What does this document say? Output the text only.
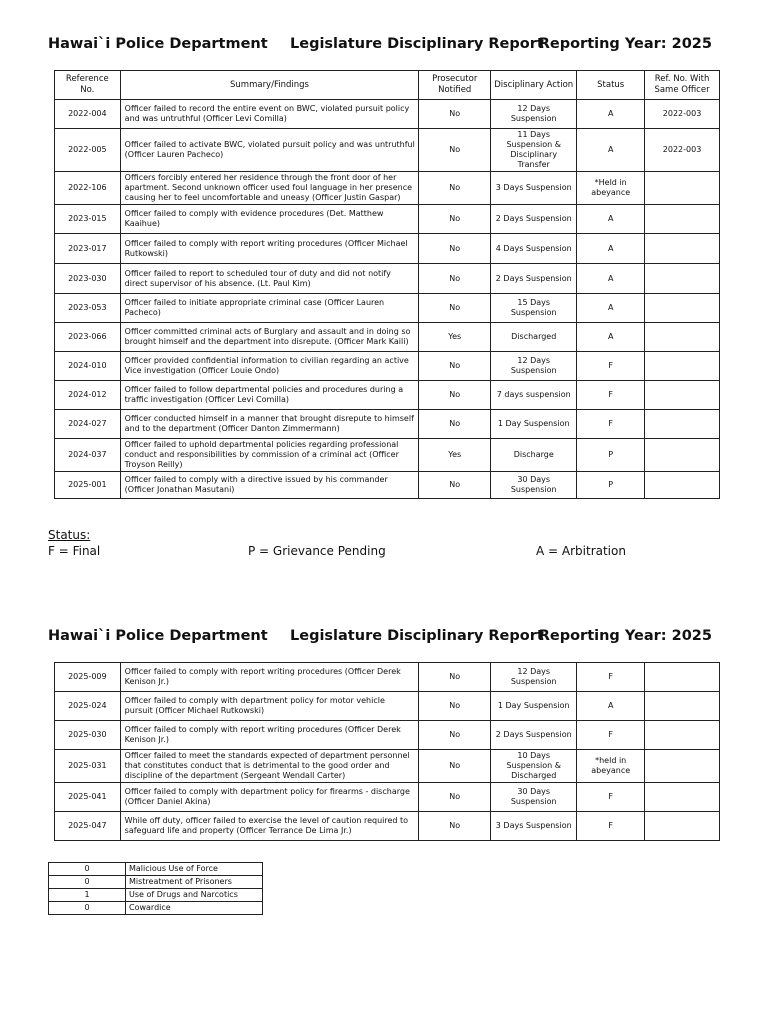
Hawai`i Police Department Legislature Disciplinary Report
Reporting Year: 2025
Reference No.	Summary/Findings	Prosecutor Notified	Disciplinary Action	Status	Ref. No. With Same Officer
2022-004	Officer failed to record the entire event on BWC, violated pursuit policy and was untruthful (Officer Levi Comilla)	No	12 Days Suspension	A	2022-003
2022-005	Officer failed to activate BWC, violated pursuit policy and was untruthful (Officer Lauren Pacheco)	No	11 Days Suspension & Disciplinary Transfer	A	2022-003
2022-106	Officers forcibly entered her residence through the front door of her apartment. Second unknown officer used foul language in her presence causing her to feel uncomfortable and uneasy (Officer Justin Gaspar)	No	3 Days Suspension	*Held in abeyance	
2023-015	Officer failed to comply with evidence procedures (Det. Matthew Kaaihue)	No	2 Days Suspension	A	
2023-017	Officer failed to comply with report writing procedures (Officer Michael Rutkowski)	No	4 Days Suspension	A	
2023-030	Officer failed to report to scheduled tour of duty and did not notify direct supervisor of his absence. (Lt. Paul Kim)	No	2 Days Suspension	A	
2023-053	Officer failed to initiate appropriate criminal case (Officer Lauren Pacheco)	No	15 Days Suspension	A	
2023-066	Officer committed criminal acts of Burglary and assault and in doing so brought himself and the department into disrepute. (Officer Mark Kaili)	Yes	Discharged	A	
2024-010	Officer provided confidential information to civilian regarding an active Vice investigation (Officer Louie Ondo)	No	12 Days Suspension	F	
2024-012	Officer failed to follow departmental policies and procedures during a traffic investigation (Officer Levi Comilla)	No	7 days suspension	F	
2024-027	Officer conducted himself in a manner that brought disrepute to himself and to the department (Officer Danton Zimmermann)	No	1 Day Suspension	F	
2024-037	Officer failed to uphold departmental policies regarding professional conduct and responsibilities by commission of a criminal act (Officer Troyson Reilly)	Yes	Discharge	P	
2025-001	Officer failed to comply with a directive issued by his commander (Officer Jonathan Masutani)	No	30 Days Suspension	P	
Status:
F = Final	P = Grievance Pending	A = Arbitration
Hawai`i Police Department Legislature Disciplinary Report
Reporting Year: 2025
2025-009	Officer failed to comply with report writing procedures (Officer Derek Kenison Jr.)	No	12 Days Suspension	F	
2025-024	Officer failed to comply with department policy for motor vehicle pursuit (Officer Michael Rutkowski)	No	1 Day Suspension	A	
2025-030	Officer failed to comply with report writing procedures (Officer Derek Kenison Jr.)	No	2 Days Suspension	F	
2025-031	Officer failed to meet the standards expected of department personnel that constitutes conduct that is detrimental to the good order and discipline of the department (Sergeant Wendall Carter)	No	10 Days Suspension & Discharged	*held in abeyance	
2025-041	Officer failed to comply with department policy for firearms - discharge (Officer Daniel Akina)	No	30 Days Suspension	F	
2025-047	While off duty, officer failed to exercise the level of caution required to safeguard life and property (Officer Terrance De Lima Jr.)	No	3 Days Suspension	F	
0	Malicious Use of Force
0	Mistreatment of Prisoners
1	Use of Drugs and Narcotics
0	Cowardice
